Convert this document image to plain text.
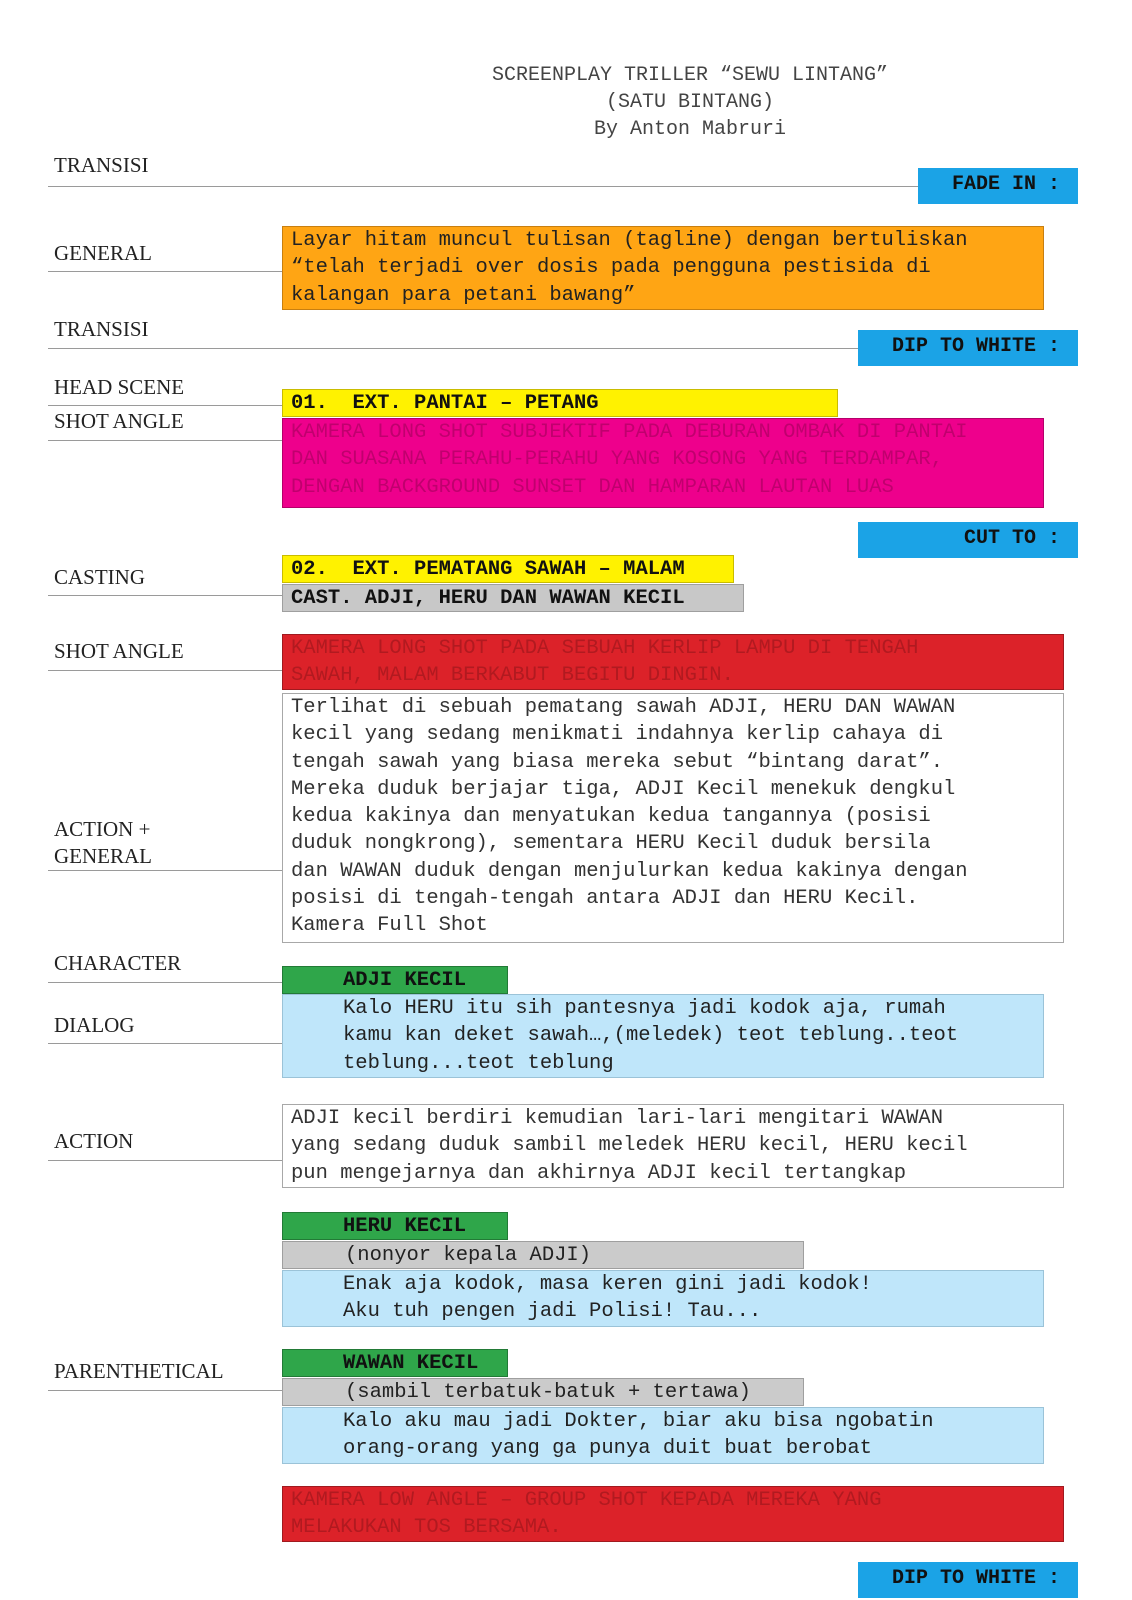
SCREENPLAY TRILLER “SEWU LINTANG”
(SATU BINTANG)
By Anton Mabruri
TRANSISI
FADE IN :
GENERAL
Layar hitam muncul tulisan (tagline) dengan bertuliskan
“telah terjadi over dosis pada pengguna pestisida di
kalangan para petani bawang”
TRANSISI
DIP TO WHITE :
HEAD SCENE
01.  EXT. PANTAI – PETANG
SHOT ANGLE	KAMERA LONG SHOT SUBJEKTIF PADA DEBURAN OMBAK DI PANTAI
DAN SUASANA PERAHU-PERAHU YANG KOSONG YANG TERDAMPAR,
DENGAN BACKGROUND SUNSET DAN HAMPARAN LAUTAN LUAS
CUT TO :
02.  EXT. PEMATANG SAWAH – MALAM
CASTING
CAST. ADJI, HERU DAN WAWAN KECIL
SHOT ANGLE	KAMERA LONG SHOT PADA SEBUAH KERLIP LAMPU DI TENGAH
SAWAH, MALAM BERKABUT BEGITU DINGIN.
ACTION +
GENERAL
Terlihat di sebuah pematang sawah ADJI, HERU DAN WAWAN
kecil yang sedang menikmati indahnya kerlip cahaya di
tengah sawah yang biasa mereka sebut “bintang darat”.
Mereka duduk berjajar tiga, ADJI Kecil menekuk dengkul
kedua kakinya dan menyatukan kedua tangannya (posisi
duduk nongkrong), sementara HERU Kecil duduk bersila
dan WAWAN duduk dengan menjulurkan kedua kakinya dengan
posisi di tengah-tengah antara ADJI dan HERU Kecil.
Kamera Full Shot
CHARACTER
ADJI KECIL
DIALOG
Kalo HERU itu sih pantesnya jadi kodok aja, rumah
kamu kan deket sawah…,(meledek) teot teblung..teot
teblung...teot teblung
ACTION
ADJI kecil berdiri kemudian lari-lari mengitari WAWAN
yang sedang duduk sambil meledek HERU kecil, HERU kecil
pun mengejarnya dan akhirnya ADJI kecil tertangkap
HERU KECIL
(nonyor kepala ADJI)
Enak aja kodok, masa keren gini jadi kodok!
Aku tuh pengen jadi Polisi! Tau...
WAWAN KECIL
PARENTHETICAL
(sambil terbatuk-batuk + tertawa)
Kalo aku mau jadi Dokter, biar aku bisa ngobatin
orang-orang yang ga punya duit buat berobat
KAMERA LOW ANGLE – GROUP SHOT KEPADA MEREKA YANG
MELAKUKAN TOS BERSAMA.
DIP TO WHITE :
